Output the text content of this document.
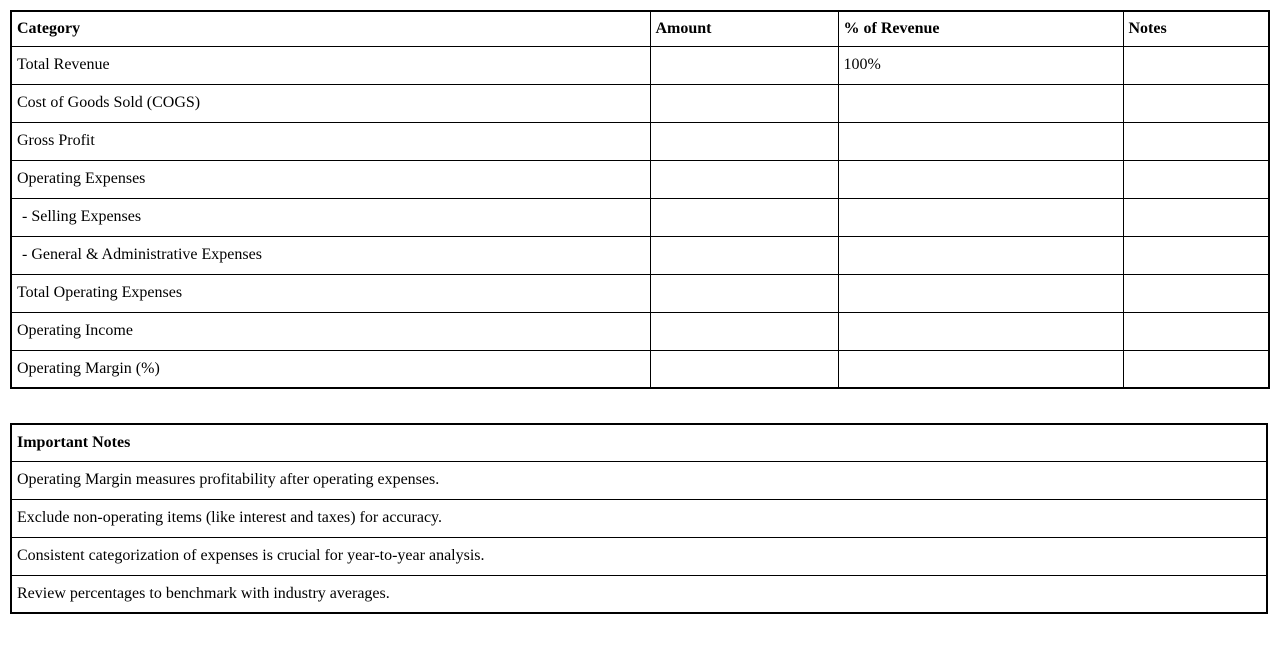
Category	Amount	% of Revenue	Notes
Total Revenue		100%	
Cost of Goods Sold (COGS)			
Gross Profit			
Operating Expenses			
- Selling Expenses			
- General & Administrative Expenses			
Total Operating Expenses			
Operating Income			
Operating Margin (%)			
Important Notes
Operating Margin measures profitability after operating expenses.
Exclude non-operating items (like interest and taxes) for accuracy.
Consistent categorization of expenses is crucial for year-to-year analysis.
Review percentages to benchmark with industry averages.
